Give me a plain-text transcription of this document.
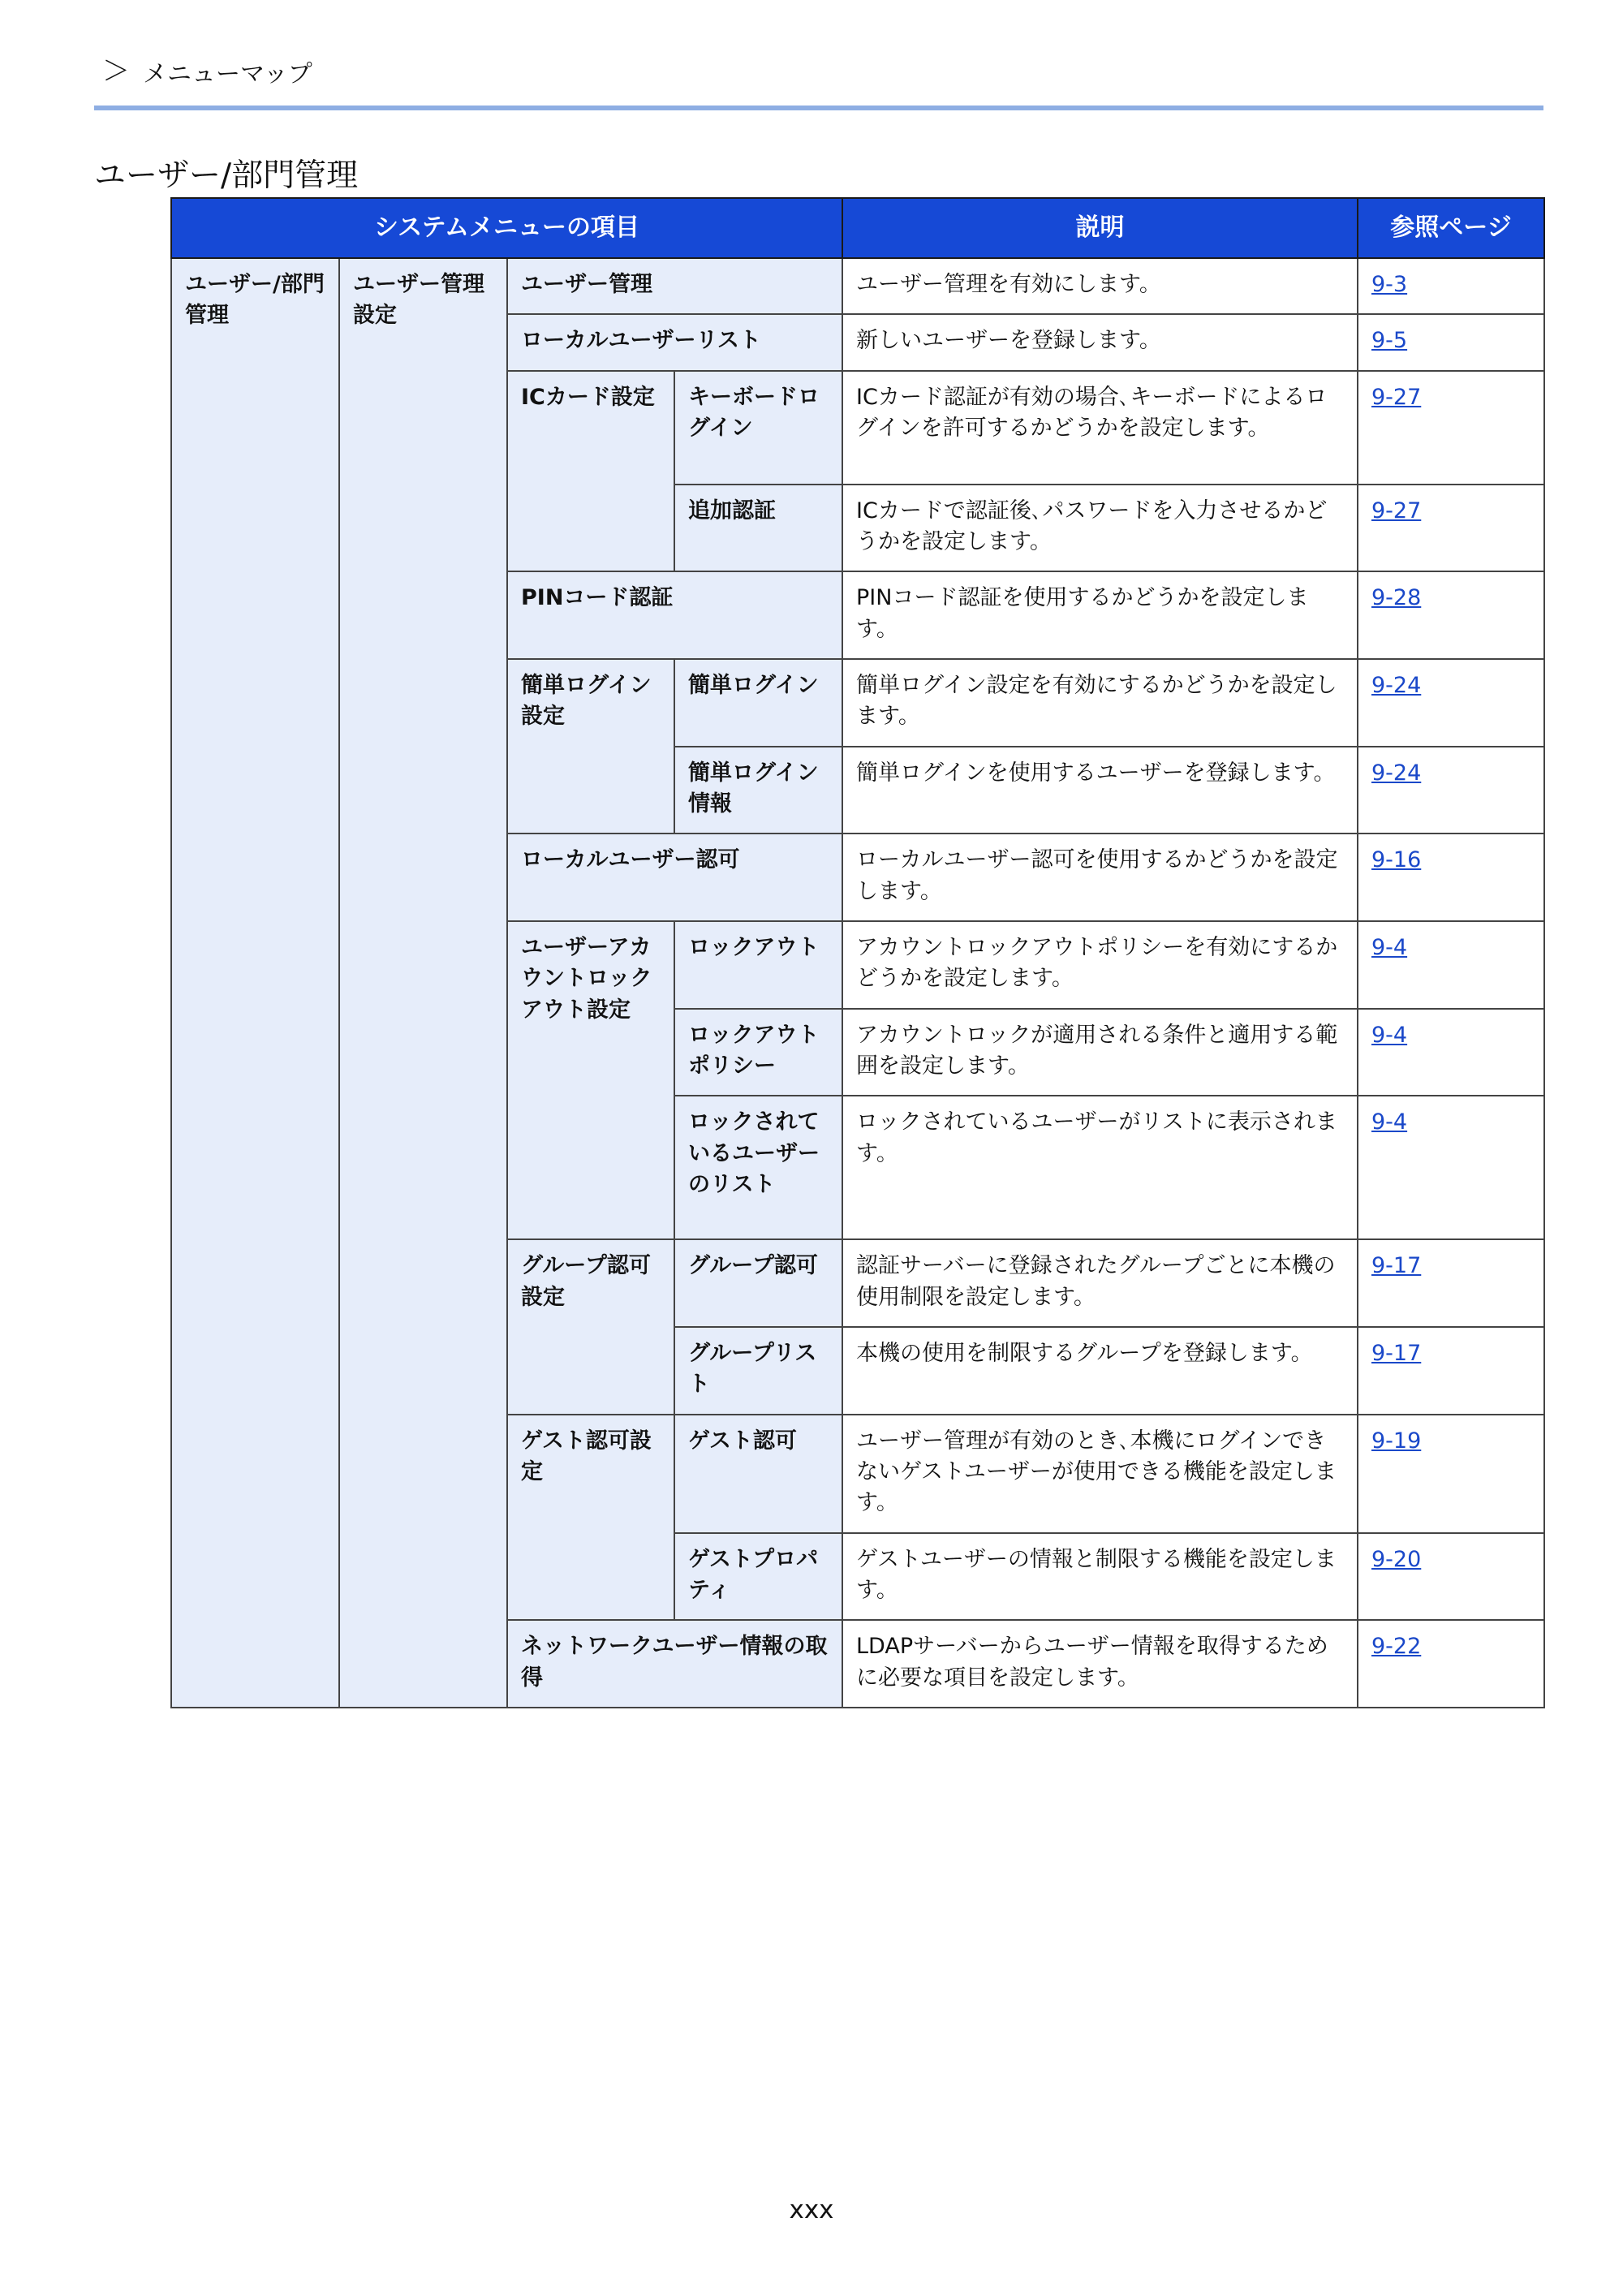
＞ メニューマップ
ユーザー/部門管理
システムメニューの項目				説明	参照ページ
ユーザー/部門管理	ユーザー管理設定	ユーザー管理		ユーザー管理を有効にします。	9-3
		ローカルユーザーリスト		新しいユーザーを登録します。	9-5
		ICカード設定	キーボードログイン	ICカード認証が有効の場合､キーボードによるログインを許可するかどうかを設定します。	9-27
			追加認証	ICカードで認証後､パスワードを入力させるかどうかを設定します。	9-27
		PINコード認証		PINコード認証を使用するかどうかを設定します。	9-28
		簡単ログイン設定	簡単ログイン	簡単ログイン設定を有効にするかどうかを設定します。	9-24
			簡単ログイン情報	簡単ログインを使用するユーザーを登録します。	9-24
		ローカルユーザー認可		ローカルユーザー認可を使用するかどうかを設定します。	9-16
		ユーザーアカウントロックアウト設定	ロックアウト	アカウントロックアウトポリシーを有効にするかどうかを設定します。	9-4
			ロックアウトポリシー	アカウントロックが適用される条件と適用する範囲を設定します。	9-4
			ロックされているユーザーのリスト	ロックされているユーザーがリストに表示されます。	9-4
		グループ認可設定	グループ認可	認証サーバーに登録されたグループごとに本機の使用制限を設定します。	9-17
			グループリスト	本機の使用を制限するグループを登録します。	9-17
		ゲスト認可設定	ゲスト認可	ユーザー管理が有効のとき､本機にログインできないゲストユーザーが使用できる機能を設定します。	9-19
			ゲストプロパティ	ゲストユーザーの情報と制限する機能を設定します。	9-20
		ネットワークユーザー情報の取得		LDAPサーバーからユーザー情報を取得するために必要な項目を設定します。	9-22
xxx
